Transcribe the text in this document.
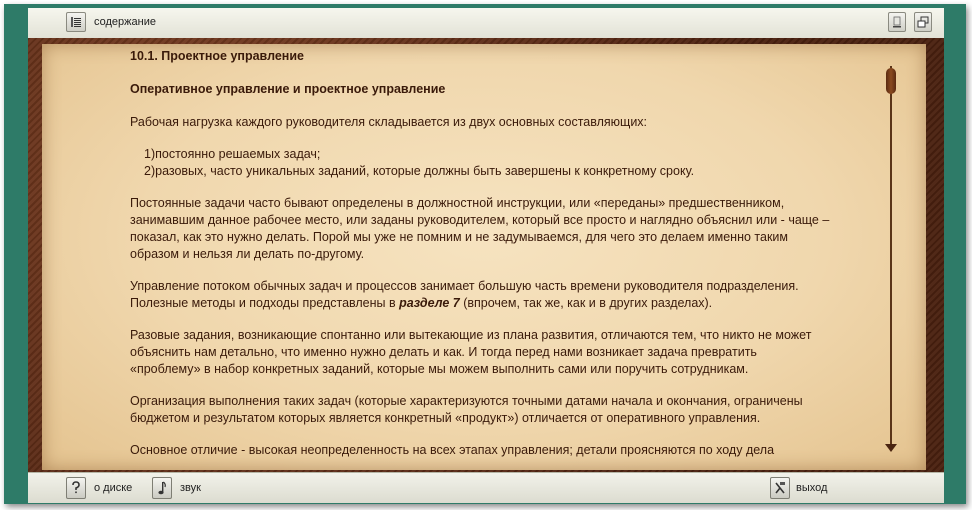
содержание

10.1. Проектное управление

Оперативное управление и проектное управление

Рабочая нагрузка каждого руководителя складывается из двух основных составляющих:

1)постоянно решаемых задач;
2)разовых, часто уникальных заданий, которые должны быть завершены к конкретному сроку.

Постоянные задачи часто бывают определены в должностной инструкции, или «переданы» предшественником, занимавшим данное рабочее место, или заданы руководителем, который все просто и наглядно объяснил или - чаще – показал, как это нужно делать. Порой мы уже не помним и не задумываемся, для чего это делаем именно таким образом и нельзя ли делать по-другому.

Управление потоком обычных задач и процессов занимает большую часть времени руководителя подразделения. Полезные методы и подходы представлены в разделе 7 (впрочем, так же, как и в других разделах).

Разовые задания, возникающие спонтанно или вытекающие из плана развития, отличаются тем, что никто не может объяснить нам детально, что именно нужно делать и как. И тогда перед нами возникает задача превратить «проблему» в набор конкретных заданий, которые мы можем выполнить сами или поручить сотрудникам.

Организация выполнения таких задач (которые характеризуются точными датами начала и окончания, ограничены бюджетом и результатом которых является конкретный «продукт») отличается от оперативного управления.

Основное отличие - высокая неопределенность на всех этапах управления; детали проясняются по ходу дела

о диске	звук	выход
